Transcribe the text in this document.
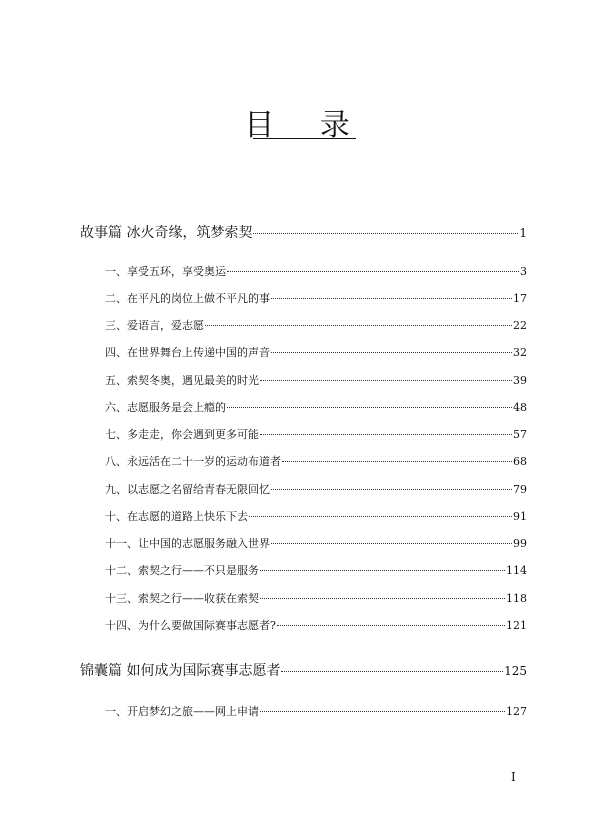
目 录
故事篇 冰火奇缘，筑梦索契	1
一、享受五环，享受奥运	3
二、在平凡的岗位上做不平凡的事	17
三、爱语言，爱志愿	22
四、在世界舞台上传递中国的声音	32
五、索契冬奥，遇见最美的时光	39
六、志愿服务是会上瘾的	48
七、多走走，你会遇到更多可能	57
八、永远活在二十一岁的运动布道者	68
九、以志愿之名留给青春无限回忆	79
十、在志愿的道路上快乐下去	91
十一、让中国的志愿服务融入世界	99
十二、索契之行——不只是服务	114
十三、索契之行——收获在索契	118
十四、为什么要做国际赛事志愿者?	121
锦囊篇 如何成为国际赛事志愿者	125
一、开启梦幻之旅——网上申请	127
I
